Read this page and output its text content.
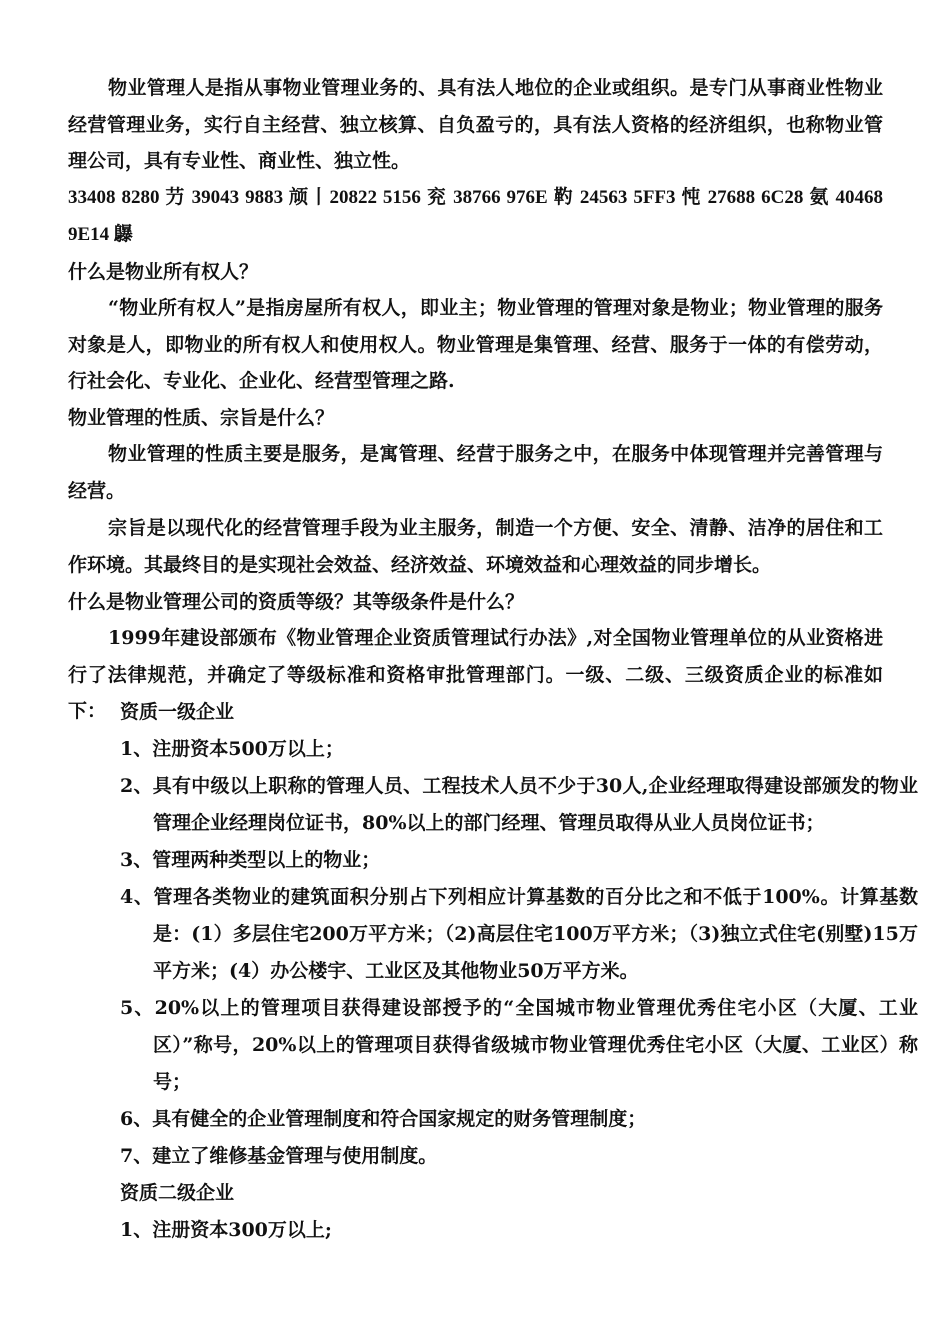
物业管理人是指从事物业管理业务的、具有法人地位的企业或组织。是专门从事商业性物业经营管理业务，实行自主经营、独立核算、自负盈亏的，具有法人资格的经济组织，也称物业管理公司，具有专业性、商业性、独立性。

33408 8280 芀 39043 9883 颃丨20822 5156 兖 38766 976E 靮 24563 5FF3 忳 27688 6C28 氨 40468 9E14 鸔

什么是物业所有权人？

“物业所有权人”是指房屋所有权人，即业主；物业管理的管理对象是物业；物业管理的服务对象是人，即物业的所有权人和使用权人。物业管理是集管理、经营、服务于一体的有偿劳动，行社会化、专业化、企业化、经营型管理之路.

物业管理的性质、宗旨是什么？

物业管理的性质主要是服务，是寓管理、经营于服务之中，在服务中体现管理并完善管理与经营。

宗旨是以现代化的经营管理手段为业主服务，制造一个方便、安全、清静、洁净的居住和工作环境。其最终目的是实现社会效益、经济效益、环境效益和心理效益的同步增长。

什么是物业管理公司的资质等级？其等级条件是什么？

1999年建设部颁布《物业管理企业资质管理试行办法》,对全国物业管理单位的从业资格进行了法律规范，并确定了等级标准和资格审批管理部门。一级、二级、三级资质企业的标准如下： 资质一级企业

1、注册资本500万以上；

2、具有中级以上职称的管理人员、工程技术人员不少于30人,企业经理取得建设部颁发的物业管理企业经理岗位证书，80%以上的部门经理、管理员取得从业人员岗位证书；

3、管理两种类型以上的物业；

4、管理各类物业的建筑面积分别占下列相应计算基数的百分比之和不低于100%。计算基数是：(1）多层住宅200万平方米；（2)高层住宅100万平方米；（3)独立式住宅(别墅)15万平方米；(4）办公楼宇、工业区及其他物业50万平方米。

5、20%以上的管理项目获得建设部授予的“全国城市物业管理优秀住宅小区（大厦、工业区）”称号，20%以上的管理项目获得省级城市物业管理优秀住宅小区（大厦、工业区）称号；

6、具有健全的企业管理制度和符合国家规定的财务管理制度；

7、建立了维修基金管理与使用制度。

资质二级企业

1、注册资本300万以上;
